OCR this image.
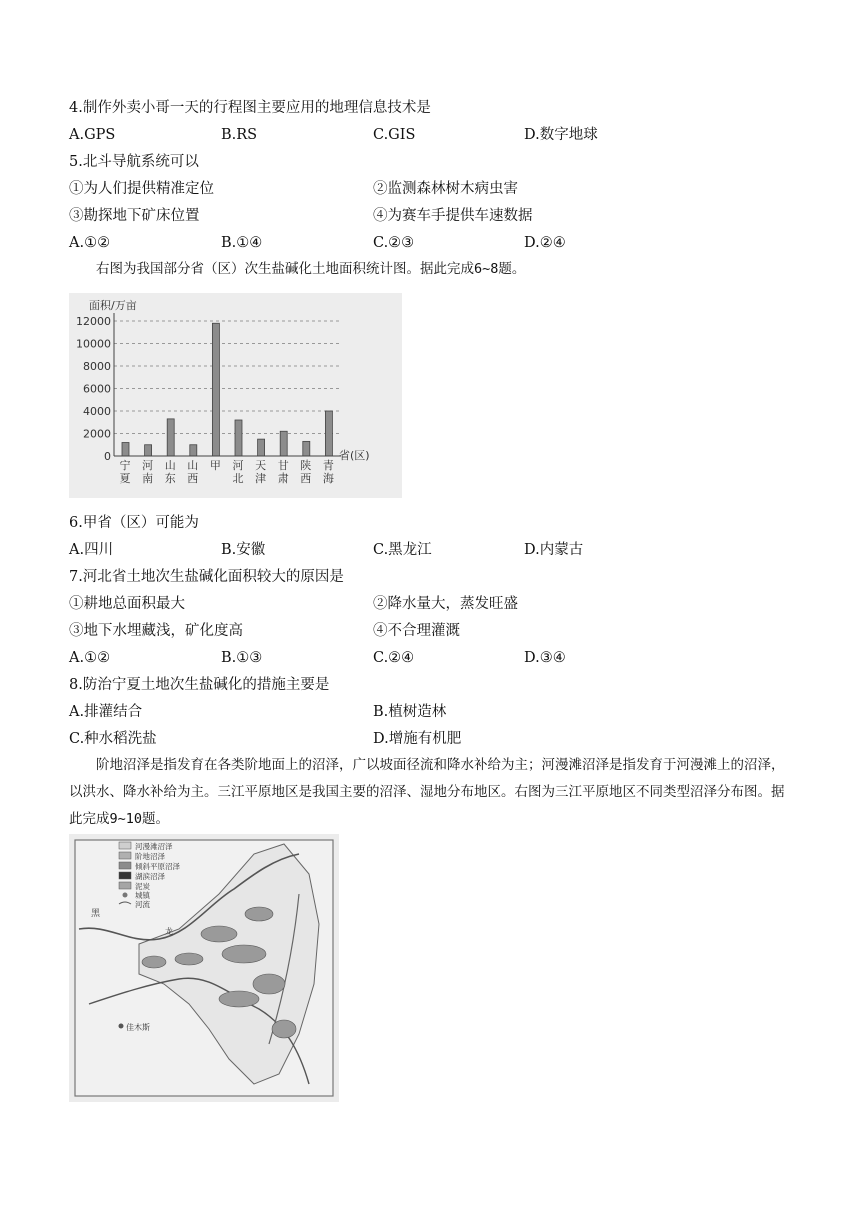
4.制作外卖小哥一天的行程图主要应用的地理信息技术是
A.GPS	B.RS	C.GIS	D.数字地球
5.北斗导航系统可以
①为人们提供精准定位	②监测森林树木病虫害
③勘探地下矿床位置	④为赛车手提供车速数据
A.①②	B.①④	C.②③	D.②④
右图为我国部分省（区）次生盐碱化土地面积统计图。据此完成6~8题。
面积/万亩
省(区)
0
2000
4000
6000
8000
10000
12000
宁夏
河南
山东
山西
甲 河北
天津
甘肃
陕西
青海
6.甲省（区）可能为
A.四川	B.安徽	C.黑龙江	D.内蒙古
7.河北省土地次生盐碱化面积较大的原因是
①耕地总面积最大	②降水量大，蒸发旺盛
③地下水埋藏浅，矿化度高	④不合理灌溉
A.①②	B.①③	C.②④	D.③④
8.防治宁夏土地次生盐碱化的措施主要是
A.排灌结合	B.植树造林
C.种水稻洗盐	D.增施有机肥
阶地沼泽是指发育在各类阶地面上的沼泽，广以坡面径流和降水补给为主；河漫滩沼泽是指发育于河漫滩上的沼泽，以洪水、降水补给为主。三江平原地区是我国主要的沼泽、湿地分布地区。右图为三江平原地区不同类型沼泽分布图。据此完成9~10题。
河漫滩沼泽
阶地沼泽
倾斜平原沼泽
湖滨沼泽
泥炭
城镇
河流
黑
龙
佳木斯
